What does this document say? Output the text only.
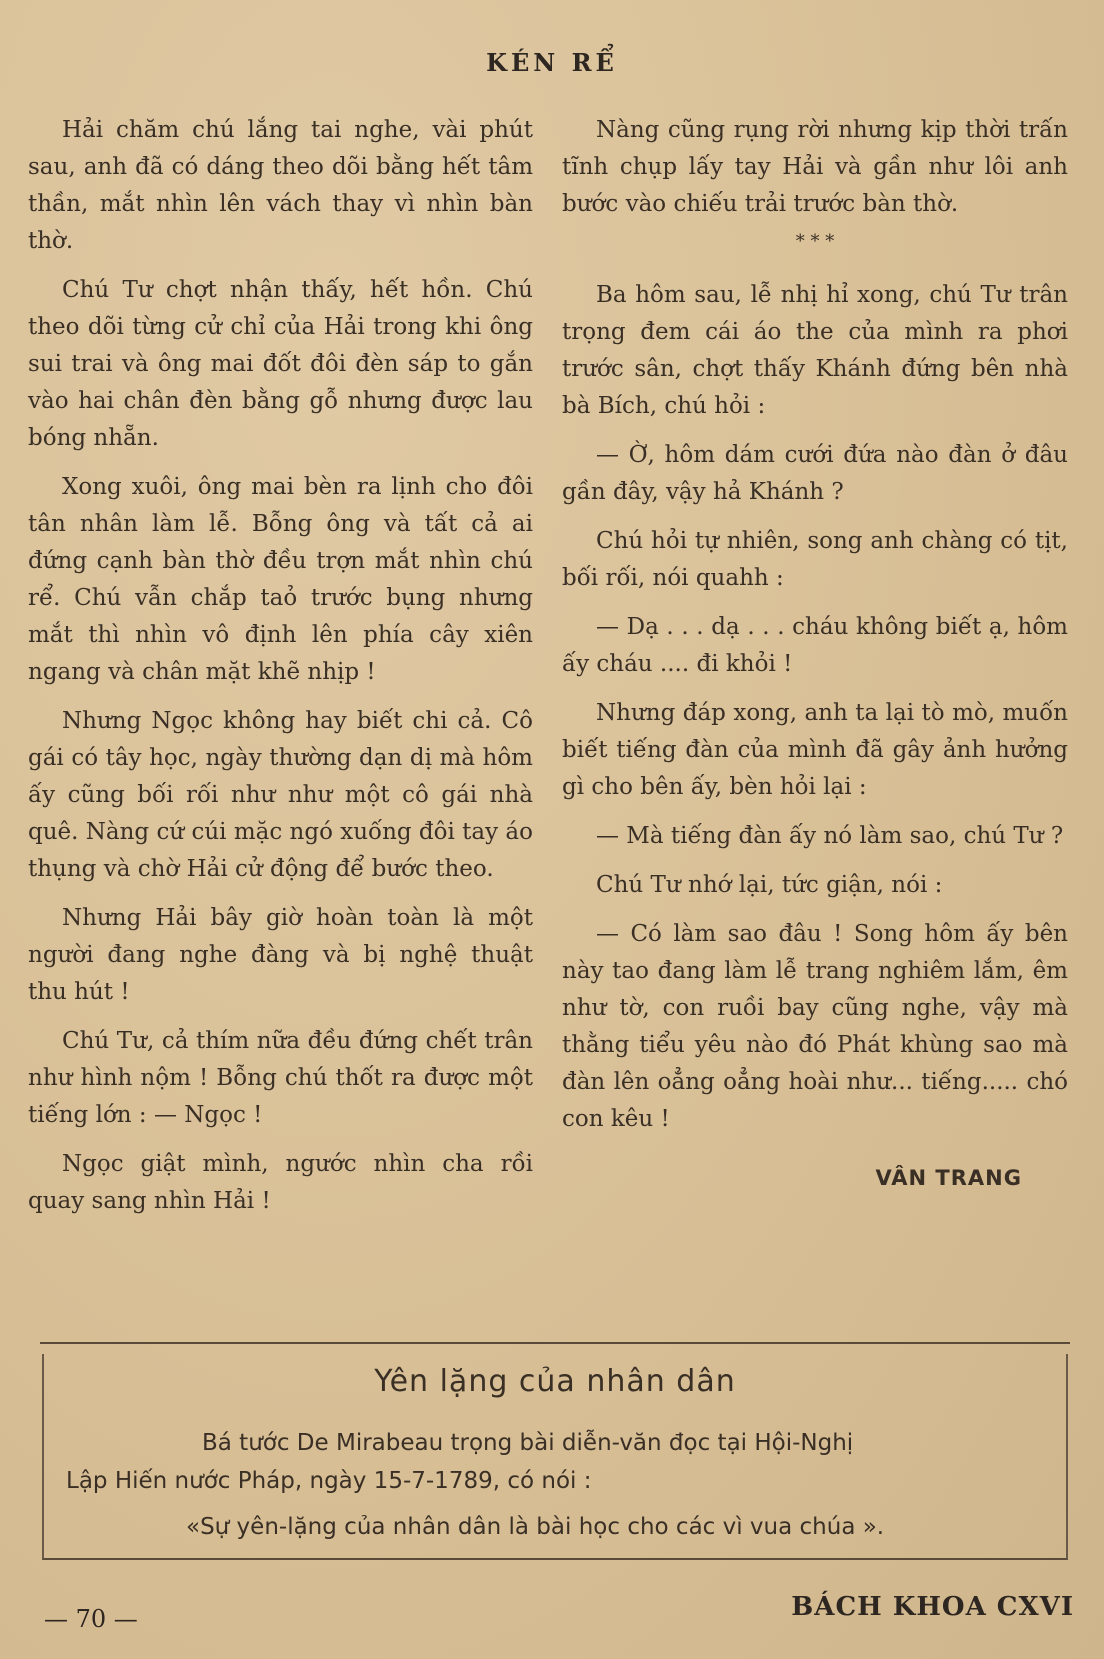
KÉN RỂ

Hải chăm chú lắng tai nghe, vài phút sau, anh đã có dáng theo dõi bằng hết tâm thần, mắt nhìn lên vách thay vì nhìn bàn thờ.

Chú Tư chợt nhận thấy, hết hồn. Chú theo dõi từng cử chỉ của Hải trong khi ông sui trai và ông mai đốt đôi đèn sáp to gắn vào hai chân đèn bằng gỗ nhưng được lau bóng nhẵn.

Xong xuôi, ông mai bèn ra lịnh cho đôi tân nhân làm lễ. Bỗng ông và tất cả ai đứng cạnh bàn thờ đều trợn mắt nhìn chú rể. Chú vẫn chắp taỏ trước bụng nhưng mắt thì nhìn vô định lên phía cây xiên ngang và chân mặt khẽ nhịp !

Nhưng Ngọc không hay biết chi cả. Cô gái có tây học, ngày thường dạn dị mà hôm ấy cũng bối rối như như một cô gái nhà quê. Nàng cứ cúi mặc ngó xuống đôi tay áo thụng và chờ Hải cử động để bước theo.

Nhưng Hải bây giờ hoàn toàn là một người đang nghe đàng và bị nghệ thuật thu hút !

Chú Tư, cả thím nữa đều đứng chết trân như hình nộm ! Bỗng chú thốt ra được một tiếng lớn : — Ngọc !

Ngọc giật mình, ngước nhìn cha rồi quay sang nhìn Hải !

Nàng cũng rụng rời nhưng kịp thời trấn tĩnh chụp lấy tay Hải và gần như lôi anh bước vào chiếu trải trước bàn thờ.

* * *

Ba hôm sau, lễ nhị hỉ xong, chú Tư trân trọng đem cái áo the của mình ra phơi trước sân, chợt thấy Khánh đứng bên nhà bà Bích, chú hỏi :

— Ờ, hôm dám cưới đứa nào đàn ở đâu gần đây, vậy hả Khánh ?

Chú hỏi tự nhiên, song anh chàng có tịt, bối rối, nói quahh :

— Dạ . . . dạ . . . cháu không biết ạ, hôm ấy cháu .... đi khỏi !

Nhưng đáp xong, anh ta lại tò mò, muốn biết tiếng đàn của mình đã gây ảnh hưởng gì cho bên ấy, bèn hỏi lại :

— Mà tiếng đàn ấy nó làm sao, chú Tư ?

Chú Tư nhớ lại, tức giận, nói :

— Có làm sao đâu ! Song hôm ấy bên này tao đang làm lễ trang nghiêm lắm, êm như tờ, con ruồi bay cũng nghe, vậy mà thằng tiểu yêu nào đó Phát khùng sao mà đàn lên oẳng oẳng hoài như... tiếng..... chó con kêu !

VÂN TRANG
Yên lặng của nhân dân
Bá tước De Mirabeau trọng bài diễn-văn đọc tại Hội-Nghị
Lập Hiến nước Pháp, ngày 15-7-1789, có nói :
«Sự yên-lặng của nhân dân là bài học cho các vì vua chúa ».
— 70 —	BÁCH KHOA CXVI
